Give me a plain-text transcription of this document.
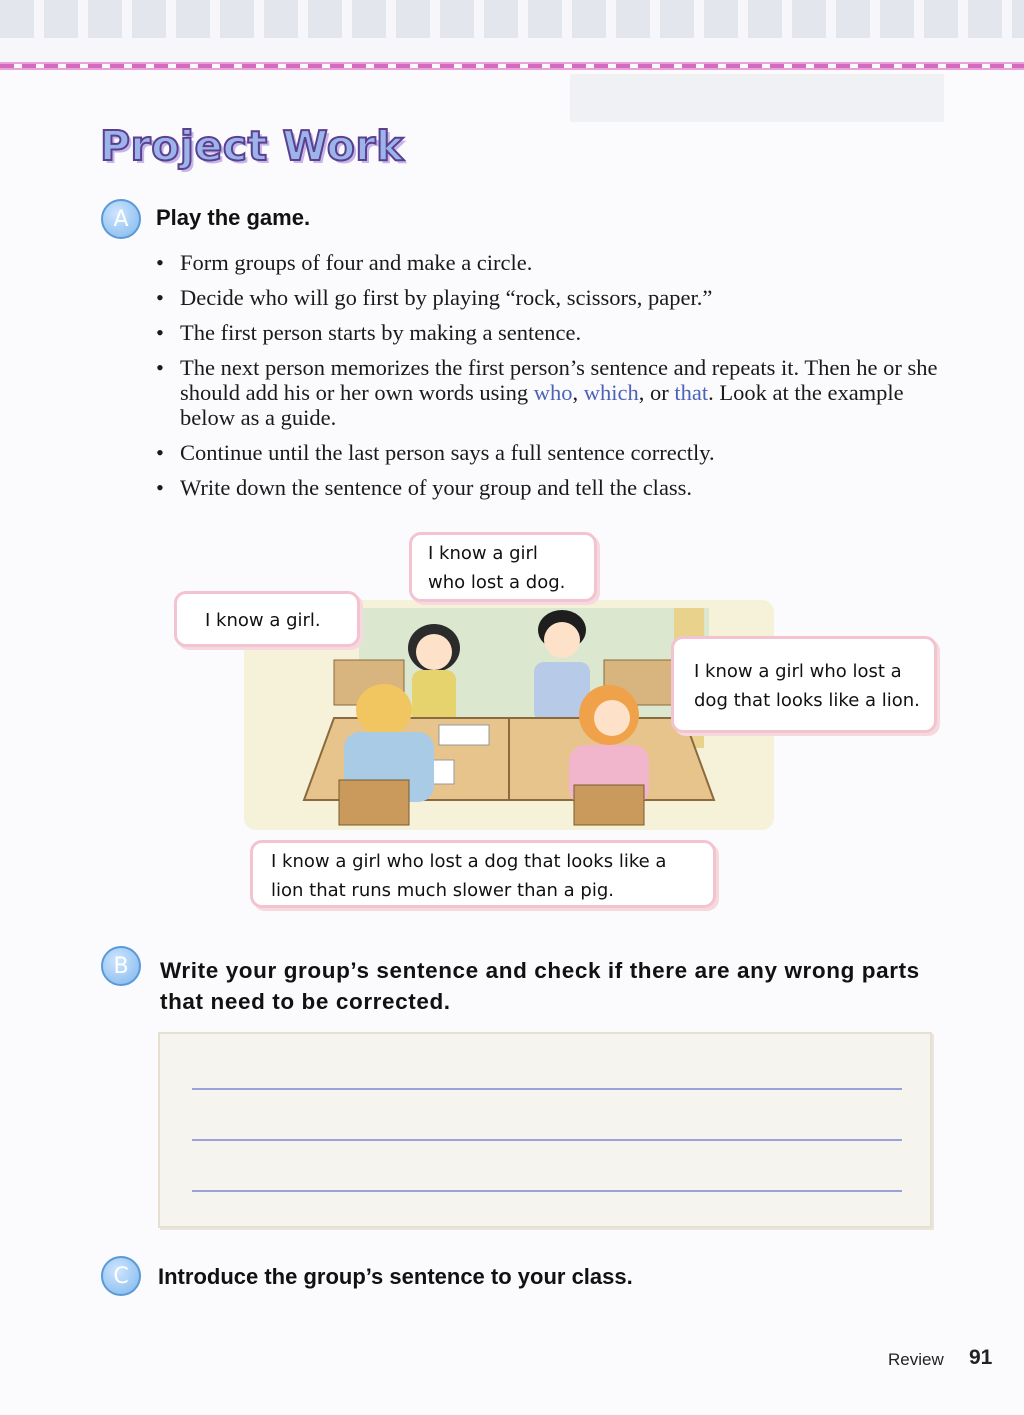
Project Work
A	Play the game.
• Form groups of four and make a circle.
• Decide who will go first by playing “rock, scissors, paper.”
• The first person starts by making a sentence.
• The next person memorizes the first person’s sentence and repeats it. Then he or she should add his or her own words using who, which, or that. Look at the example below as a guide.
• Continue until the last person says a full sentence correctly.
• Write down the sentence of your group and tell the class.
I know a girl.
I know a girl who lost a dog.
I know a girl who lost a dog that looks like a lion.
I know a girl who lost a dog that looks like a lion that runs much slower than a pig.
B	Write your group’s sentence and check if there are any wrong parts that need to be corrected.
C	Introduce the group’s sentence to your class.
Review 91
